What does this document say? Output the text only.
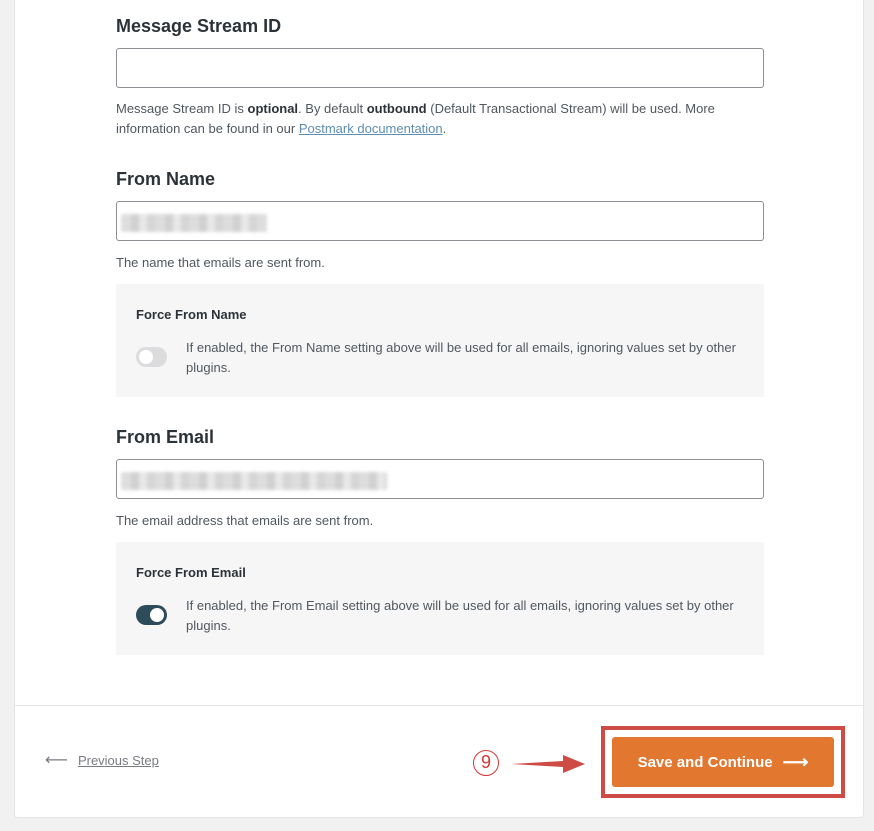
Message Stream ID
Message Stream ID is optional. By default outbound (Default Transactional Stream) will be used. More information can be found in our Postmark documentation.
From Name
The name that emails are sent from.
Force From Name
If enabled, the From Name setting above will be used for all emails, ignoring values set by other plugins.
From Email
The email address that emails are sent from.
Force From Email
If enabled, the From Email setting above will be used for all emails, ignoring values set by other plugins.
⟵ Previous Step	9	Save and Continue ⟶
